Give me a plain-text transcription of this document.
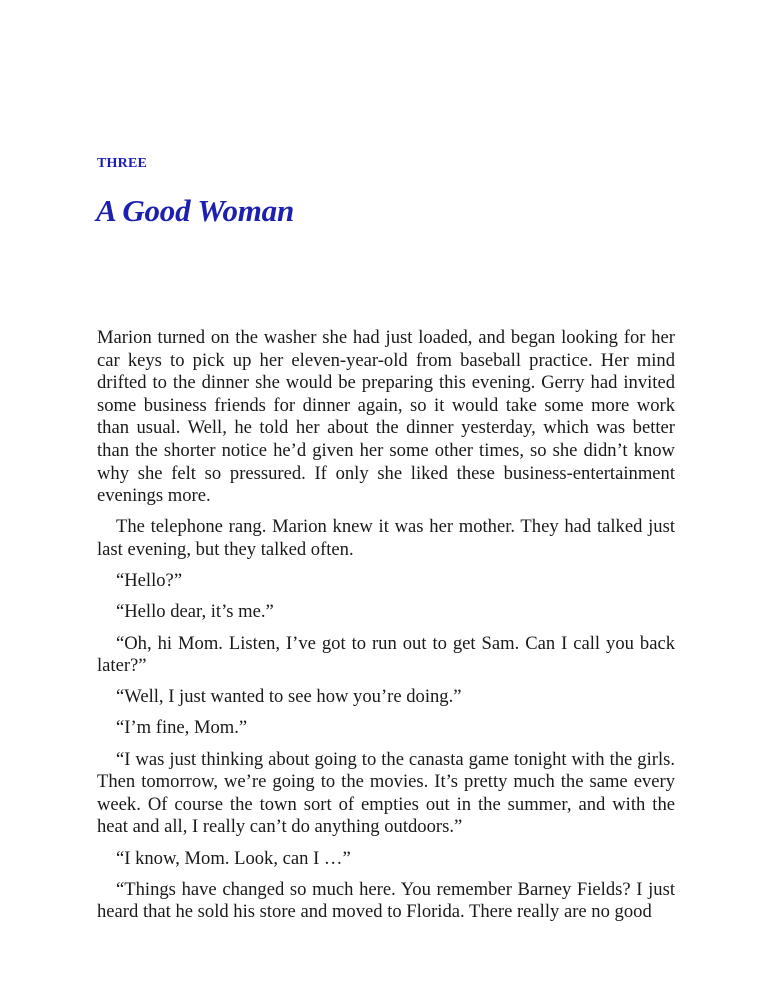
THREE
A Good Woman

Marion turned on the washer she had just loaded, and began looking for her car keys to pick up her eleven-year-old from baseball practice. Her mind drifted to the dinner she would be preparing this evening. Gerry had invited some business friends for dinner again, so it would take some more work than usual. Well, he told her about the dinner yesterday, which was better than the shorter notice he’d given her some other times, so she didn’t know why she felt so pressured. If only she liked these business-entertainment evenings more.

The telephone rang. Marion knew it was her mother. They had talked just last evening, but they talked often.

“Hello?”

“Hello dear, it’s me.”

“Oh, hi Mom. Listen, I’ve got to run out to get Sam. Can I call you back later?”

“Well, I just wanted to see how you’re doing.”

“I’m fine, Mom.”

“I was just thinking about going to the canasta game tonight with the girls. Then tomorrow, we’re going to the movies. It’s pretty much the same every week. Of course the town sort of empties out in the summer, and with the heat and all, I really can’t do anything outdoors.”

“I know, Mom. Look, can I …”

“Things have changed so much here. You remember Barney Fields? I just heard that he sold his store and moved to Florida. There really are no good
